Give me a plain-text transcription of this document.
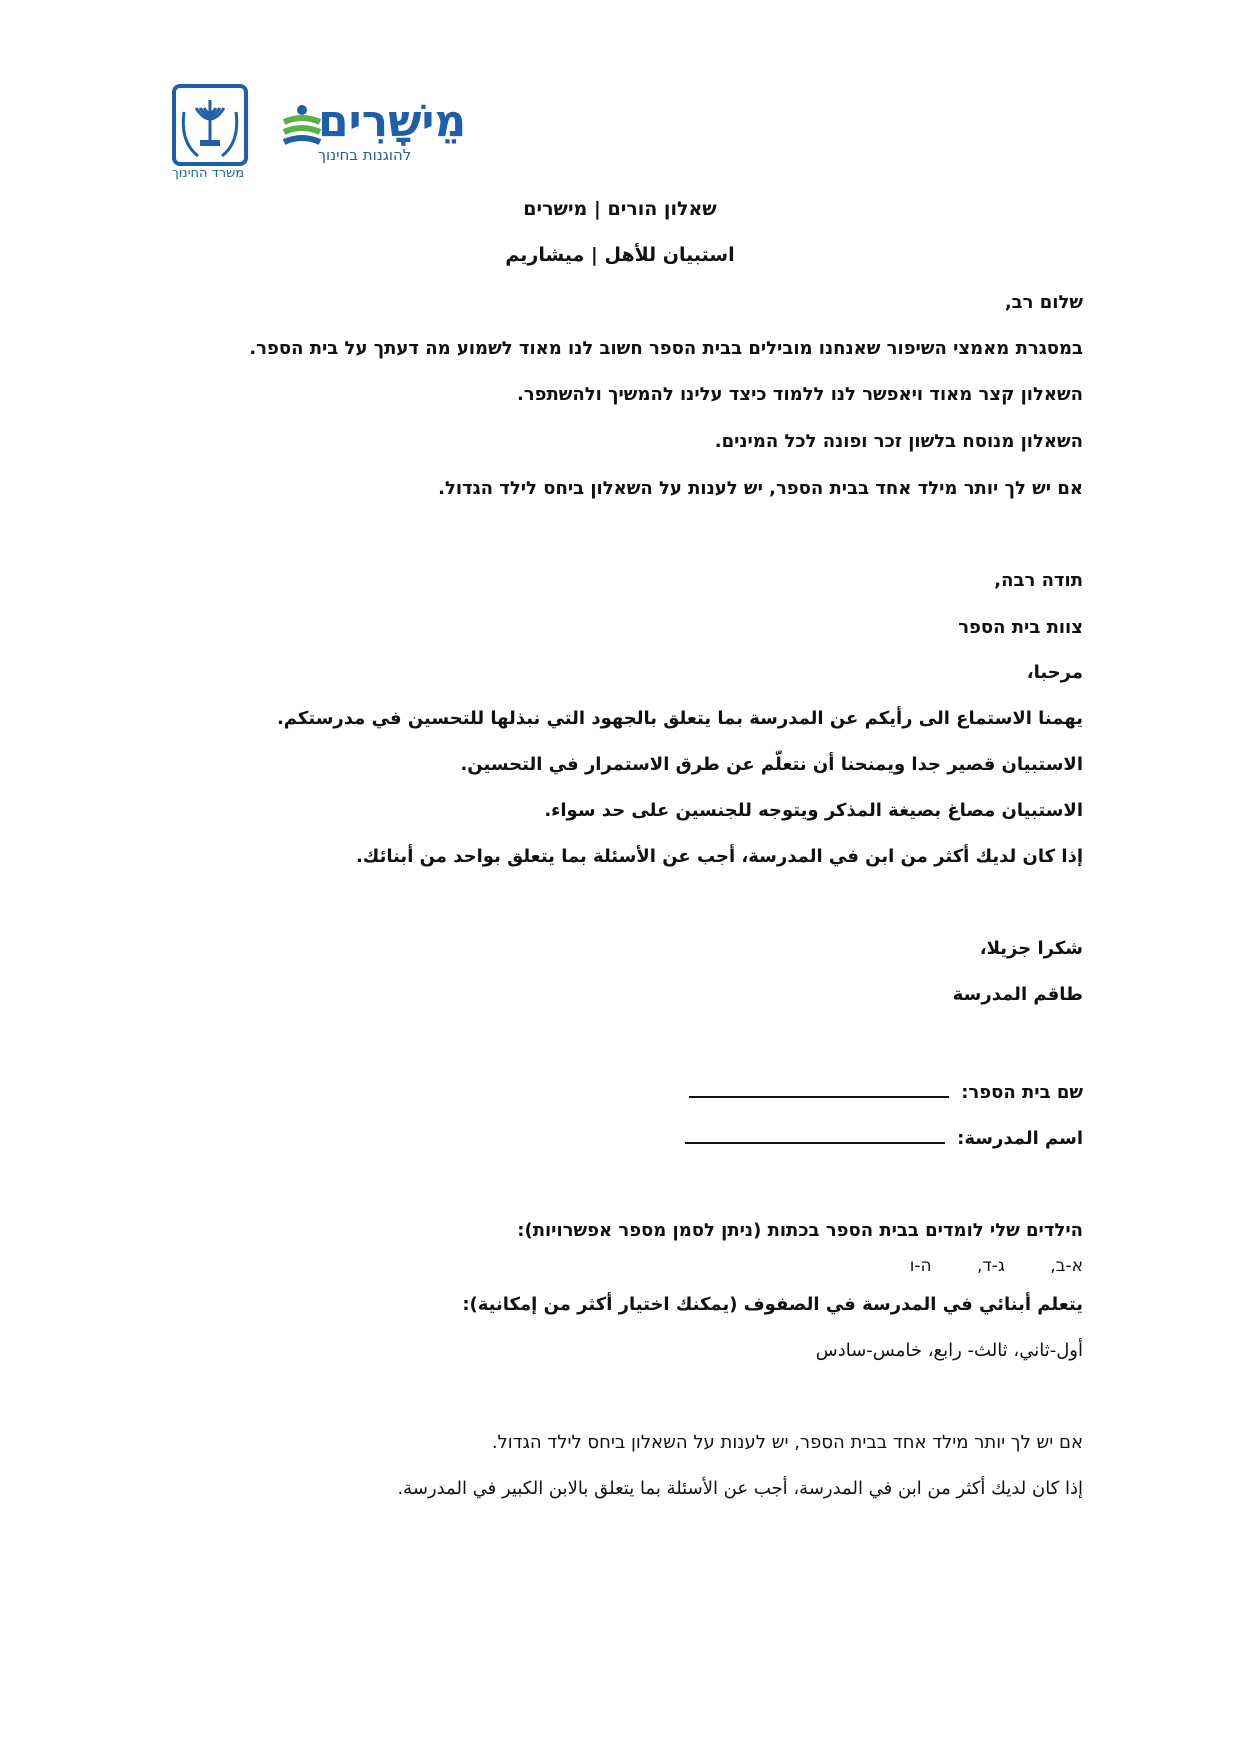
משרד החינוך
מֵישָׁרִים
להוגנות בחינוך
שאלון הורים | מישרים
استبيان للأهل | ميشاريم
שלום רב,
במסגרת מאמצי השיפור שאנחנו מובילים בבית הספר חשוב לנו מאוד לשמוע מה דעתך על בית הספר.
השאלון קצר מאוד ויאפשר לנו ללמוד כיצד עלינו להמשיך ולהשתפר.
השאלון מנוסח בלשון זכר ופונה לכל המינים.
אם יש לך יותר מילד אחד בבית הספר, יש לענות על השאלון ביחס לילד הגדול.
תודה רבה,
צוות בית הספר
مرحبا،
يهمنا الاستماع الى رأيكم عن المدرسة بما يتعلق بالجهود التي نبذلها للتحسين في مدرستكم.
الاستبيان قصير جدا ويمنحنا أن نتعلّم عن طرق الاستمرار في التحسين.
الاستبيان مصاغ بصيغة المذكر ويتوجه للجنسين على حد سواء.
إذا كان لديك أكثر من ابن في المدرسة، أجب عن الأسئلة بما يتعلق بواحد من أبنائك.
شكرا جزيلا،
طاقم المدرسة
שם בית הספר:
اسم المدرسة:
הילדים שלי לומדים בבית הספר בכתות (ניתן לסמן מספר אפשרויות):
א-ב, ג-ד, ה-ו
يتعلم أبنائي في المدرسة في الصفوف (يمكنك اختيار أكثر من إمكانية):
أول-ثاني، ثالث- رابع، خامس-سادس
אם יש לך יותר מילד אחד בבית הספר, יש לענות על השאלון ביחס לילד הגדול.
إذا كان لديك أكثر من ابن في المدرسة، أجب عن الأسئلة بما يتعلق بالابن الكبير في المدرسة.
